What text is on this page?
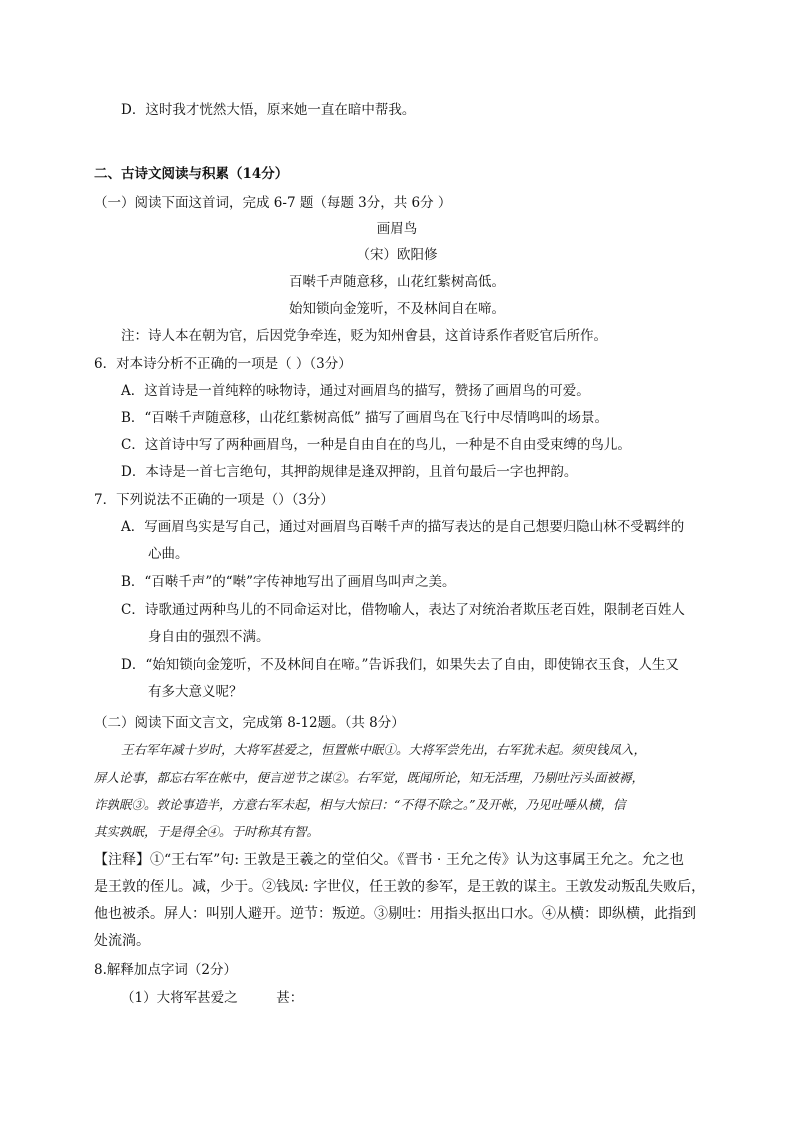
D．这时我才恍然大悟，原来她一直在暗中帮我。
二、古诗文阅读与积累（14分）
（一）阅读下面这首词，完成 6-7 题（每题 3分，共 6分 ）
画眉鸟
（宋）欧阳修
百啭千声随意移，山花红紫树高低。
始知锁向金笼听，不及林间自在啼。
注：诗人本在朝为官，后因党争牵连，贬为知州㑹县，这首诗系作者贬官后所作。
6．对本诗分析不正确的一项是（ ）（3分）
A．这首诗是一首纯粹的咏物诗，通过对画眉鸟的描写，赞扬了画眉鸟的可爱。
B．“百啭千声随意移，山花红紫树高低” 描写了画眉鸟在飞行中尽情鸣叫的场景。
C．这首诗中写了两种画眉鸟，一种是自由自在的鸟儿，一种是不自由受束缚的鸟儿。
D．本诗是一首七言绝句，其押韵规律是逢双押韵，且首句最后一字也押韵。
7．下列说法不正确的一项是（）（3分）
A．写画眉鸟实是写自己，通过对画眉鸟百啭千声的描写表达的是自己想要归隐山林不受羁绊的
心曲。
B．“百啭千声”的“啭”字传神地写出了画眉鸟叫声之美。
C．诗歌通过两种鸟儿的不同命运对比，借物喻人，表达了对统治者欺压老百姓，限制老百姓人
身自由的强烈不满。
D．“始知锁向金笼听，不及林间自在啼。”告诉我们，如果失去了自由，即使锦衣玉食，人生又
有多大意义呢？
（二）阅读下面文言文，完成第 8-12题。（共 8分）
王右军年减十岁时，大将军甚爱之，恒置帐中眠①。大将军尝先出，右军犹未起。须臾钱凤入，
屏人论事，都忘右军在帐中，便言逆节之谋②。右军觉，既闻所论，知无活理，乃剔吐污头面被褥，
诈孰眠③。敦论事造半，方意右军未起，相与大惊曰：“不得不除之。”及开帐，乃见吐唾从横，信
其实孰眠，于是得全④。于时称其有智。
【注释】①“王右军”句: 王敦是王羲之的堂伯父。《晋书 · 王允之传》认为这事属王允之。允之也
是王敦的侄儿。减，少于。②钱凤: 字世仪，任王敦的参军，是王敦的谋主。王敦发动叛乱失败后，
他也被杀。屏人：叫别人避开。逆节：叛逆。③剔吐：用指头抠出口水。④从横：即纵横，此指到
处流淌。
8.解释加点字词（2分）
（1）大将军甚爱之         甚：
